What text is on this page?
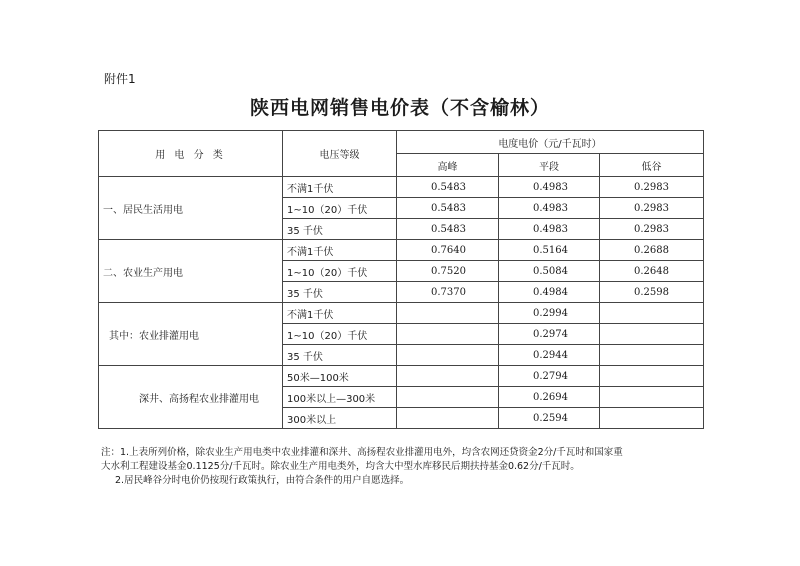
附件1
陕西电网销售电价表（不含榆林）
用 电 分 类	电压等级	电度电价（元/千瓦时）		
		高峰	平段	低谷
一、居民生活用电	不满1千伏	0.5483	0.4983	0.2983
	1~10（20）千伏	0.5483	0.4983	0.2983
	35 千伏	0.5483	0.4983	0.2983
二、农业生产用电	不满1千伏	0.7640	0.5164	0.2688
	1~10（20）千伏	0.7520	0.5084	0.2648
	35 千伏	0.7370	0.4984	0.2598
其中：农业排灌用电	不满1千伏		0.2994	
	1~10（20）千伏		0.2974	
	35 千伏		0.2944	
深井、高扬程农业排灌用电	50米—100米		0.2794	
	100米以上—300米		0.2694	
	300米以上		0.2594	

注：1.上表所列价格，除农业生产用电类中农业排灌和深井、高扬程农业排灌用电外，均含农网还贷资金2分/千瓦时和国家重

大水利工程建设基金0.1125分/千瓦时。除农业生产用电类外，均含大中型水库移民后期扶持基金0.62分/千瓦时。

2.居民峰谷分时电价仍按现行政策执行，由符合条件的用户自愿选择。
